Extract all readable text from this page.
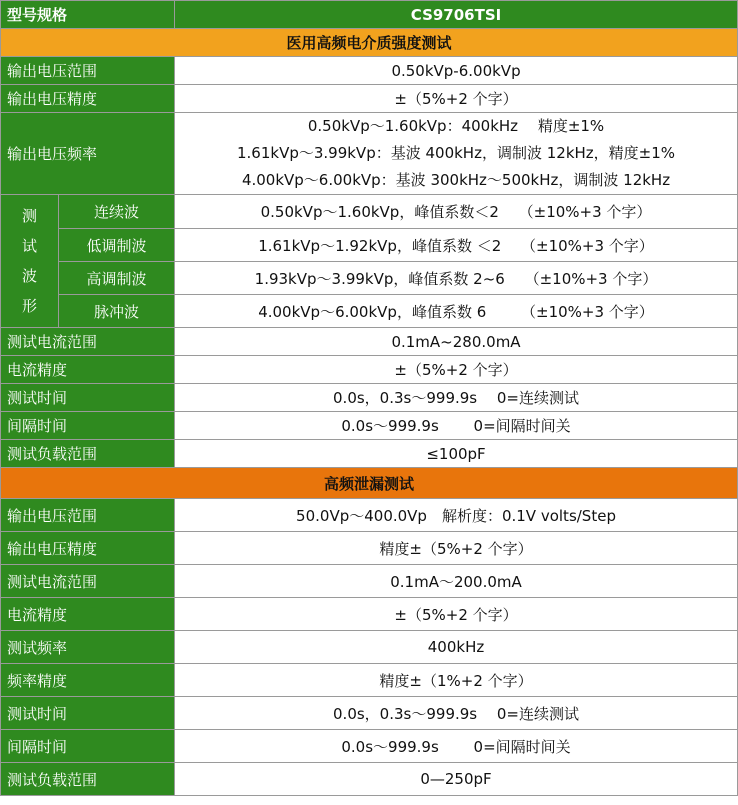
型号规格		CS9706TSI
医用高频电介质强度测试		
输出电压范围		0.50kVp-6.00kVp
输出电压精度		±（5%+2 个字）
输出电压频率		0.50kVp～1.60kVp：400kHz　 精度±1%
1.61kVp～3.99kVp：基波 400kHz，调制波 12kHz，精度±1%
4.00kVp～6.00kVp：基波 300kHz～500kHz，调制波 12kHz

测
试
波
形	连续波	0.50kVp～1.60kVp，峰值系数＜2　 （±10%+3 个字）
	低调制波	1.61kVp～1.92kVp，峰值系数 ＜2　 （±10%+3 个字）
	高调制波	1.93kVp～3.99kVp，峰值系数 2~6　 （±10%+3 个字）
	脉冲波	4.00kVp～6.00kVp，峰值系数 6　　 （±10%+3 个字）
测试电流范围		0.1mA~280.0mA
电流精度		±（5%+2 个字）
测试时间		0.0s，0.3s～999.9s　 0=连续测试
间隔时间		0.0s～999.9s　　 0=间隔时间关
测试负载范围		≤100pF
高频泄漏测试		
输出电压范围		50.0Vp～400.0Vp　解析度：0.1V volts/Step
输出电压精度		精度±（5%+2 个字）
测试电流范围		0.1mA～200.0mA
电流精度		±（5%+2 个字）
测试频率		400kHz
频率精度		精度±（1%+2 个字）
测试时间		0.0s，0.3s～999.9s　 0=连续测试
间隔时间		0.0s～999.9s　　 0=间隔时间关
测试负载范围		0—250pF
